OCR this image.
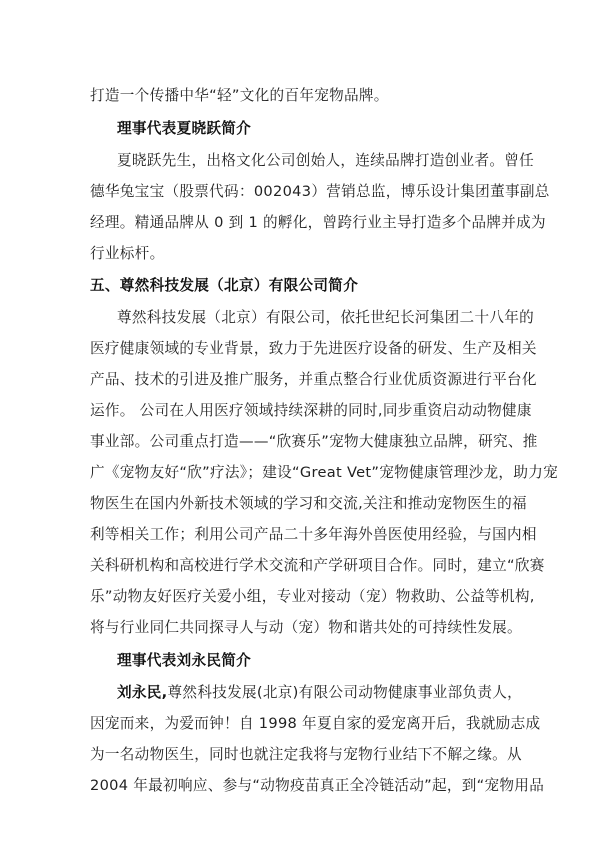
打造一个传播中华“轻”文化的百年宠物品牌。
理事代表夏晓跃简介
夏晓跃先生，出格文化公司创始人，连续品牌打造创业者。曾任
德华兔宝宝（股票代码：002043）营销总监，博乐设计集团董事副总
经理。精通品牌从 0 到 1 的孵化，曾跨行业主导打造多个品牌并成为
行业标杆。
五、尊然科技发展（北京）有限公司简介
尊然科技发展（北京）有限公司，依托世纪长河集团二十八年的
医疗健康领域的专业背景，致力于先进医疗设备的研发、生产及相关
产品、技术的引进及推广服务，并重点整合行业优质资源进行平台化
运作。 公司在人用医疗领域持续深耕的同时,同步重资启动动物健康
事业部。公司重点打造——“欣赛乐”宠物大健康独立品牌，研究、推
广《宠物友好“欣”疗法》；建设“Great Vet”宠物健康管理沙龙，助力宠
物医生在国内外新技术领域的学习和交流,关注和推动宠物医生的福
利等相关工作；利用公司产品二十多年海外兽医使用经验，与国内相
关科研机构和高校进行学术交流和产学研项目合作。同时，建立“欣赛
乐”动物友好医疗关爱小组，专业对接动（宠）物救助、公益等机构,
将与行业同仁共同探寻人与动（宠）物和谐共处的可持续性发展。
理事代表刘永民简介
刘永民,尊然科技发展(北京)有限公司动物健康事业部负责人，
因宠而来，为爱而钟！自 1998 年夏自家的爱宠离开后，我就励志成
为一名动物医生，同时也就注定我将与宠物行业结下不解之缘。从
2004 年最初响应、参与“动物疫苗真正全冷链活动”起，到“宠物用品
